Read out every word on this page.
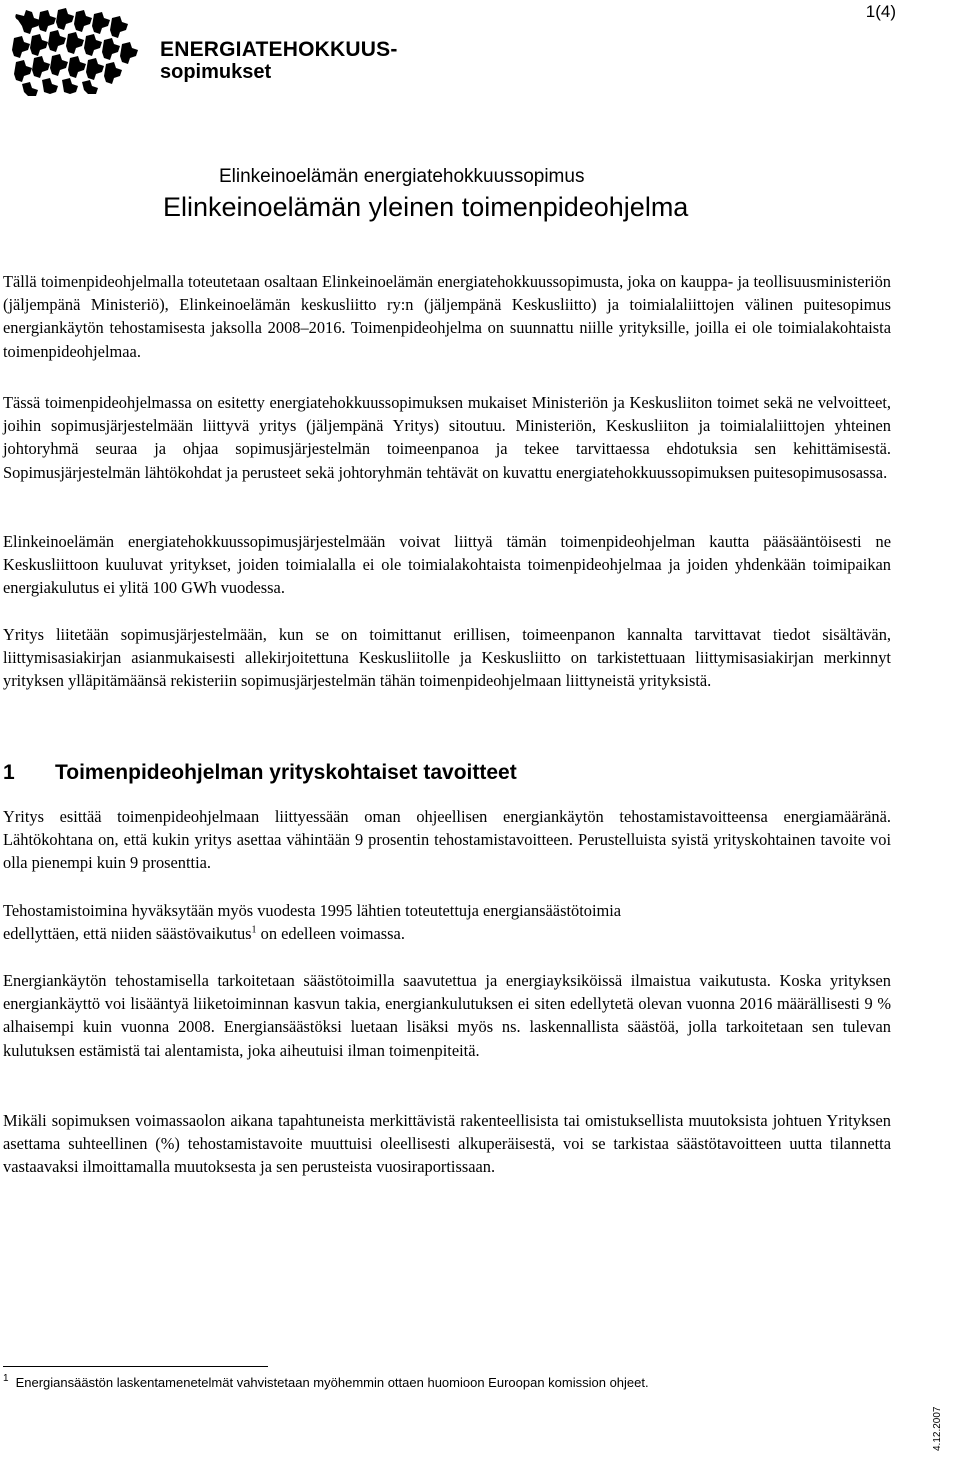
ENERGIATEHOKKUUS-
sopimukset
1(4)
Elinkeinoelämän energiatehokkuussopimus
Elinkeinoelämän yleinen toimenpideohjelma

Tällä toimenpideohjelmalla toteutetaan osaltaan Elinkeinoelämän energiatehokkuussopimusta, joka on kauppa- ja teollisuusministeriön (jäljempänä Ministeriö), Elinkeinoelämän keskusliitto ry:n (jäljempänä Keskusliitto) ja toimialaliittojen välinen puitesopimus energiankäytön tehostamisesta jaksolla 2008–2016. Toimenpideohjelma on suunnattu niille yrityksille, joilla ei ole toimialakohtaista toimenpideohjelmaa.

Tässä toimenpideohjelmassa on esitetty energiatehokkuussopimuksen mukaiset Ministeriön ja Keskusliiton toimet sekä ne velvoitteet, joihin sopimusjärjestelmään liittyvä yritys (jäljempänä Yritys) sitoutuu. Ministeriön, Keskusliiton ja toimialaliittojen yhteinen johtoryhmä seuraa ja ohjaa sopimusjärjestelmän toimeenpanoa ja tekee tarvittaessa ehdotuksia sen kehittämisestä. Sopimusjärjestelmän lähtökohdat ja perusteet sekä johtoryhmän tehtävät on kuvattu energiatehokkuussopimuksen puitesopimusosassa.

Elinkeinoelämän energiatehokkuussopimusjärjestelmään voivat liittyä tämän toimenpideohjelman kautta pääsääntöisesti ne Keskusliittoon kuuluvat yritykset, joiden toimialalla ei ole toimialakohtaista toimenpideohjelmaa ja joiden yhdenkään toimipaikan energiakulutus ei ylitä 100 GWh vuodessa.

Yritys liitetään sopimusjärjestelmään, kun se on toimittanut erillisen, toimeenpanon kannalta tarvittavat tiedot sisältävän, liittymisasiakirjan asianmukaisesti allekirjoitettuna Keskusliitolle ja Keskusliitto on tarkistettuaan liittymisasiakirjan merkinnyt yrityksen ylläpitämäänsä rekisteriin sopimusjärjestelmän tähän toimenpideohjelmaan liittyneistä yrityksistä.

1 Toimenpideohjelman yrityskohtaiset tavoitteet

Yritys esittää toimenpideohjelmaan liittyessään oman ohjeellisen energiankäytön tehostamistavoitteensa energiamääränä. Lähtökohtana on, että kukin yritys asettaa vähintään 9 prosentin tehostamistavoitteen. Perustelluista syistä yrityskohtainen tavoite voi olla pienempi kuin 9 prosenttia.

Tehostamistoimina hyväksytään myös vuodesta 1995 lähtien toteutettuja energiansäästötoimia

edellyttäen, että niiden säästövaikutus$^1$ on edelleen voimassa.

Energiankäytön tehostamisella tarkoitetaan säästötoimilla saavutettua ja energiayksiköissä ilmaistua vaikutusta. Koska yrityksen energiankäyttö voi lisääntyä liiketoiminnan kasvun takia, energiankulutuksen ei siten edellytetä olevan vuonna 2016 määrällisesti 9 % alhaisempi kuin vuonna 2008. Energiansäästöksi luetaan lisäksi myös ns. laskennallista säästöä, jolla tarkoitetaan sen tulevan kulutuksen estämistä tai alentamista, joka aiheutuisi ilman toimenpiteitä.

Mikäli sopimuksen voimassaolon aikana tapahtuneista merkittävistä rakenteellisista tai omistuksellista muutoksista johtuen Yrityksen asettama suhteellinen (%) tehostamistavoite muuttuisi oleellisesti alkuperäisestä, voi se tarkistaa säästötavoitteen uutta tilannetta vastaavaksi ilmoittamalla muutoksesta ja sen perusteista vuosiraportissaan.

$^1$ Energiansäästön laskentamenetelmät vahvistetaan myöhemmin ottaen huomioon Euroopan komission ohjeet.
4.12.2007
